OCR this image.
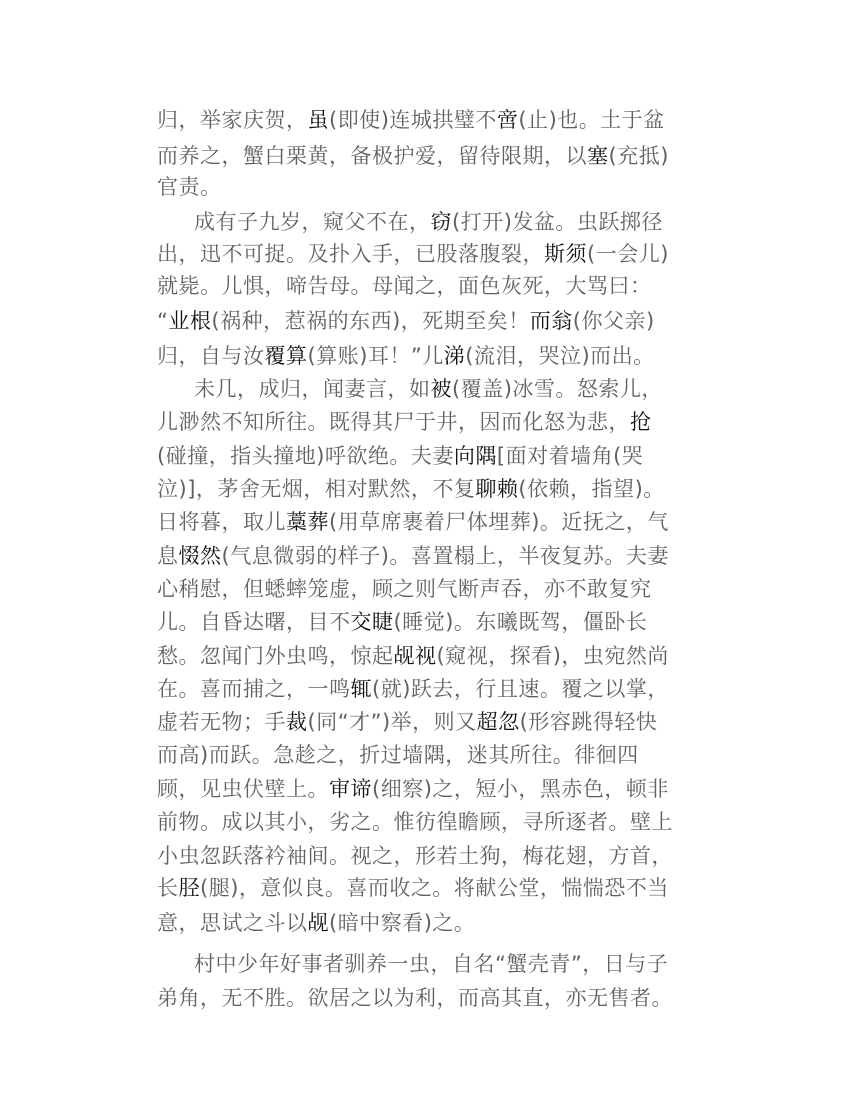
归，举家庆贺，虽(即使)连城拱璧不啻(止)也。土于盆
而养之，蟹白栗黄，备极护爱，留待限期，以塞(充抵)
官责。
成有子九岁，窥父不在，窃(打开)发盆。虫跃掷径
出，迅不可捉。及扑入手，已股落腹裂，斯须(一会儿)
就毙。儿惧，啼告母。母闻之，面色灰死，大骂曰：
“业根(祸种，惹祸的东西)，死期至矣！而翁(你父亲)
归，自与汝覆算(算账)耳！”儿涕(流泪，哭泣)而出。
未几，成归，闻妻言，如被(覆盖)冰雪。怒索儿，
儿渺然不知所往。既得其尸于井，因而化怒为悲，抢
(碰撞，指头撞地)呼欲绝。夫妻向隅[面对着墙角(哭
泣)]，茅舍无烟，相对默然，不复聊赖(依赖，指望)。
日将暮，取儿藁葬(用草席裹着尸体埋葬)。近抚之，气
息惙然(气息微弱的样子)。喜置榻上，半夜复苏。夫妻
心稍慰，但蟋蟀笼虚，顾之则气断声吞，亦不敢复究
儿。自昏达曙，目不交睫(睡觉)。东曦既驾，僵卧长
愁。忽闻门外虫鸣，惊起觇视(窥视，探看)，虫宛然尚
在。喜而捕之，一鸣辄(就)跃去，行且速。覆之以掌，
虚若无物；手裁(同“才”)举，则又超忽(形容跳得轻快
而高)而跃。急趁之，折过墙隅，迷其所往。徘徊四
顾，见虫伏壁上。审谛(细察)之，短小，黑赤色，顿非
前物。成以其小，劣之。惟彷徨瞻顾，寻所逐者。壁上
小虫忽跃落衿袖间。视之，形若土狗，梅花翅，方首，
长胫(腿)，意似良。喜而收之。将献公堂，惴惴恐不当
意，思试之斗以觇(暗中察看)之。
村中少年好事者驯养一虫，自名“蟹壳青”，日与子
弟角，无不胜。欲居之以为利，而高其直，亦无售者。
